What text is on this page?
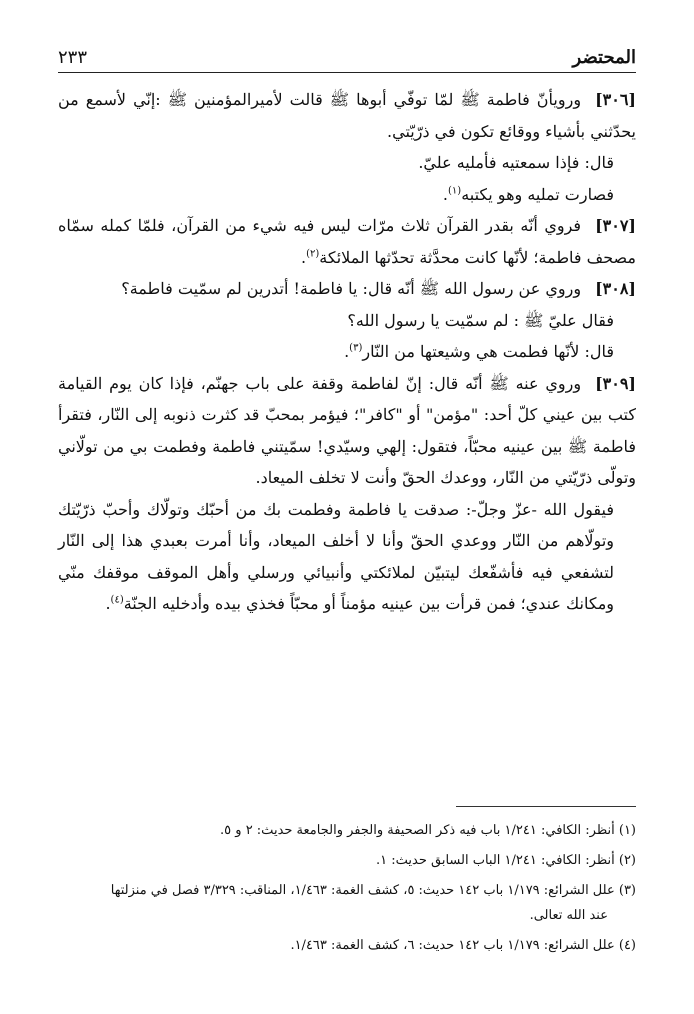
٢٣٣	المحتضر

[٣٠٦]ورويأنّ فاطمة ﷺ لمّا توفّي أبوها ﷺ قالت لأميرالمؤمنين ﷺ :إنّي لأسمع من يحدّثني بأشياء ووقائع تكون في ذرّيّتي.

قال: فإذا سمعتيه فأمليه عليّ.

فصارت تمليه وهو يكتبه$^{(١)}$.

[٣٠٧]فروي أنّه بقدر القرآن ثلاث مرّات ليس فيه شيء من القرآن، فلمّا كمله سمّاه مصحف فاطمة؛ لأنّها كانت محدَّثة تحدّثها الملائكة$^{(٢)}$.

[٣٠٨]وروي عن رسول الله ﷺ أنّه قال: يا فاطمة! أتدرين لم سمّيت فاطمة؟

فقال عليّ ﷺ : لم سمّيت يا رسول الله؟

قال: لأنّها فطمت هي وشيعتها من النّار$^{(٣)}$.

[٣٠٩]وروي عنه ﷺ أنّه قال: إنّ لفاطمة وقفة على باب جهنّم، فإذا كان يوم القيامة كتب بين عيني كلّ أحد: "مؤمن" أو "كافر"؛ فيؤمر بمحبّ قد كثرت ذنوبه إلى النّار، فتقرأ فاطمة ﷺ بين عينيه محبّاً، فتقول: إلهي وسيّدي! سمّيتني فاطمة وفطمت بي من تولّاني وتولّى ذرّيّتي من النّار، ووعدك الحقّ وأنت لا تخلف الميعاد.

فيقول الله -عزّ وجلّ-: صدقت يا فاطمة وفطمت بك من أحبّك وتولّاك وأحبّ ذرّيّتك وتولّاهم من النّار ووعدي الحقّ وأنا لا أخلف الميعاد، وأنا أمرت بعبدي هذا إلى النّار لتشفعي فيه فأشفّعك ليتبيّن لملائكتي وأنبيائي ورسلي وأهل الموقف موقفك منّي ومكانك عندي؛ فمن قرأت بين عينيه مؤمناً أو محبّاً فخذي بيده وأدخليه الجنّة$^{(٤)}$.

(١) أنظر: الكافي: ١/٢٤١ باب فيه ذكر الصحيفة والجفر والجامعة حديث: ٢ و ٥.

(٢) أنظر: الكافي: ١/٢٤١ الباب السابق حديث: ١.

(٣) علل الشرائع: ١/١٧٩ باب ١٤٢ حديث: ٥، كشف الغمة: ١/٤٦٣، المناقب: ٣/٣٢٩ فصل في منزلتها
عند الله تعالى.

(٤) علل الشرائع: ١/١٧٩ باب ١٤٢ حديث: ٦، كشف الغمة: ١/٤٦٣.
